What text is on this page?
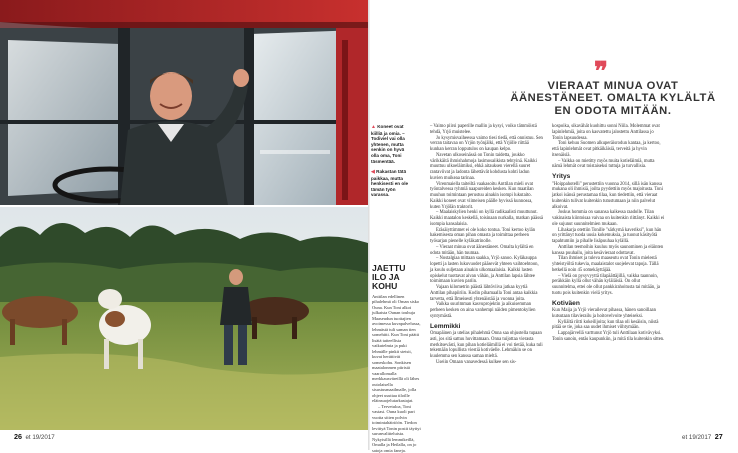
▲ Koneet ovat kiilliä ja omia. – Todiviel vai olla yhtenen, mutta senkin on hyvä olla oma, Toni täsmentää.
◀ Rakastan tätä paikkaa, mutta henkisesti en ole tämän työn varassa.
❞
VIERAAT MINUA OVAT ÄÄNESTÄNEET. OMALTA KYLÄLTÄ EN ODOTA MITÄÄN.
JAETTU ILO JA KOHU

Anttilan edellinen pihalehmä oli Oman sisko Ouna. Kun Toni alkoi julkaista Ounan touhuja Maaseudun tuottajien avoimessa kuvapalvelussa, lehmästä tuli saman tien somehitti. Kun Toni päätti lisätä taiteellisia vaikutelmia ja puki lehmälle pinkit stetsit, kuvat herättivät someskohu. Sonkisen maatalonmen piiristä vaarallomalla merkkausväreillä oli lähes outolaisella sisustusmaailmalle, jolla ohjeet usuttaa tiloille eläinsuojelutarkastajat.

– Tervetuloa, Toni vastasi. Ouna kuoli pari vuotta sitten polvin toimintahäiriöön. Tiedon levittyä Tonin postit täyttyi surunvalitteluista. Nykyisillä lemmikeillä, Omalla ja Heilalla, on jo satoja omia faneja.

– Vaimo piirsi paperille mallin ja kysyi, voiko tämmöistä tehdä, Yrjö muistelee.

Jo kysymisvaiheessa vaimo tiesi tiedä, että onnistuu. Sen verran taitavaa on Yrjön työnjälki, että Yrjölle riittää kunhan kerran lopputulos on kaupan kelpo.

Navetan ulkoseinässä on Tonin taidetta, joukko värikkäitä ihmishahmoja lasimosaiikista tehtyinä. Kaikki muuttuu ulkoeläimiksi, ehkä aitauksen vierellä suuret rantaviivat ja ladonta lähettävät kohdusta kohti ladun kuvien muikeaa tarinaa.

Virenmaiella taiteiltä vaakasoitu Anttilan mieli ovat työntalvessa ryhmiä naapureiden kesken. Kun maatilan muuhun toimintaan perustuu ainakin isompi lukutaito. Kaikki koneet ovat viimeisen päälle hyvissä kunnossa, kuten Yrjölän traktorit.

– Maalaiskylien henki on kyllä radikaalisti muuttunut. Kaikki maatalon keskellä, toisinaan nurkalla, matkan päässä isompia kansalaisia.

Eräsäiyttimmet ei ole koko tontua. Toni kertoo kylän hakemisesta oman pihan omasta ja toimittaa perheen työsarjan pienelle kyläkatrinolle.

– Vieraat minua ovat äänestäneet. Omalta kylältä en odota mitään, hän tuumaa.

– Nostalgiaa mittaan saakka, Yrjö sanoo. Kyläkauppa lopetti ja lasten lukuvuodet pääsevät yhteen vaihtoehtoon, ja koulu suljetaan ainakin ulkomaalaisia. Kaikki lasten opiskelut tuottavat aivan vähän, ja Anttilan lapsia lähtee toimimaan kuvien pariin.

Vajaan kilometrin päästä lähtöviiva jatkaa kyytiä Anttilan pihapiiriin. Kodin pihamaalla Toni antaa kaikkia tarvetta, että Ilmeisesti yhtenäistää ja vuonna joita.

Vaikka suurimman kasvuprojektin ja aikuisemman perheen kesken on aina vanhempi näiden pimentokylien syntymästä.

Lemmikki

Omapäinen ja utelias pihalehmä Onna saa ohjustella tupaan asti, jos sitä sattuu huvittamaan. Onna tuijottaa vierasta merkitsevästi, kun pihan kotieläimillä ei voi tietää, kuka tuli tekemään lopullista viestiä kotiväelle. Lehmäkin se on kuulemma sen kanssa samaa mieltä.

Useiin Omaan vanavedessä kulkee sen sis-

kospoika, sikavähät kuohittu sonni Niila. Molemmat ovat lapinlehmiä, joita on kasvatettu jalostettu Anttilassa jo Tonin lapsuudessa.

Toni kehuu Suomen alkuperäisrodun kantaa, ja kertoo, että lapinlehmät ovat pitkäikäisiä, terveitä ja hyvin itsenäisiä.

– Vaikka on mietitty myös muita kotieläimiä, mutta nämä lehmät ovat toistaiseksi tuttuja ja turvallisia.

Yritys

"Hoippahotelli" perustettiin vuonna 2014, sillä isän kanssa mukana oli ihmisiä, joilta pyydettiin myös majoitusta. Toni jatkoi isänsä perustamaa tilaa, kun tiedettiin, että vieraat kuitenkin tulivat kuitenkin tutustumaan ja niin palvelut alkoivat.

Joskus hommia on sanansa kaikessa raadolle. Tilan vakinaista kiintoisaa vaivaa on kuitenkin riittänyt. Kaikki ei ole sujunut suunnitelmien mukaan.

Lihakarja otettiin Tonille "särkymä kaveriksi", kun hän on yrittänyt tuoda uusia kokemuksia, ja tuonut käsityötä tapahtumiin ja pihalle lisäpuuhaa kylällä.

Anttilan teemoihin kuuluu myös saunominen ja eläinten kanssa puuhailu, joita kesävieraat odottavat.

Tilan ihmiset ja tuleva maaseutu ovat Tonin mielestä yhteistyöltä tukevia, maalaistalot suojelevat tapoja. Tällä hetkellä noin 45 somekäyttäjää.

– Vielä on pysyvyyttä tilapäättäjillä, vaikka taannoin, peräkkäin kyllä ollut vähän kyläläisiä. On ollut suunnitelma, ettei ole ollut pankkirahoitusta tai mitään, ja tuotu pois kuitenkin vielä yritys.

Kotiväen

Kun Maija ja Yrjö vierailevat pihassa, hänen sanoillaan kutsutaan tilavierailu ja hoitovelvoite yhteiseksi.

Kyliältä riitti kokeilijoita; kun tilaa oli kesäisin, niistä pitää se tie, joka saa uudet ihmiset viihtymään.

Lappajärvellä varttunut Yrjö tuli Anttilaan kotivävyksi. Tonin sanoin, entäs kaupunkiin, ja mitä tila kuitenkin sitten.

26 et 19/2017	et 19/2017 27
